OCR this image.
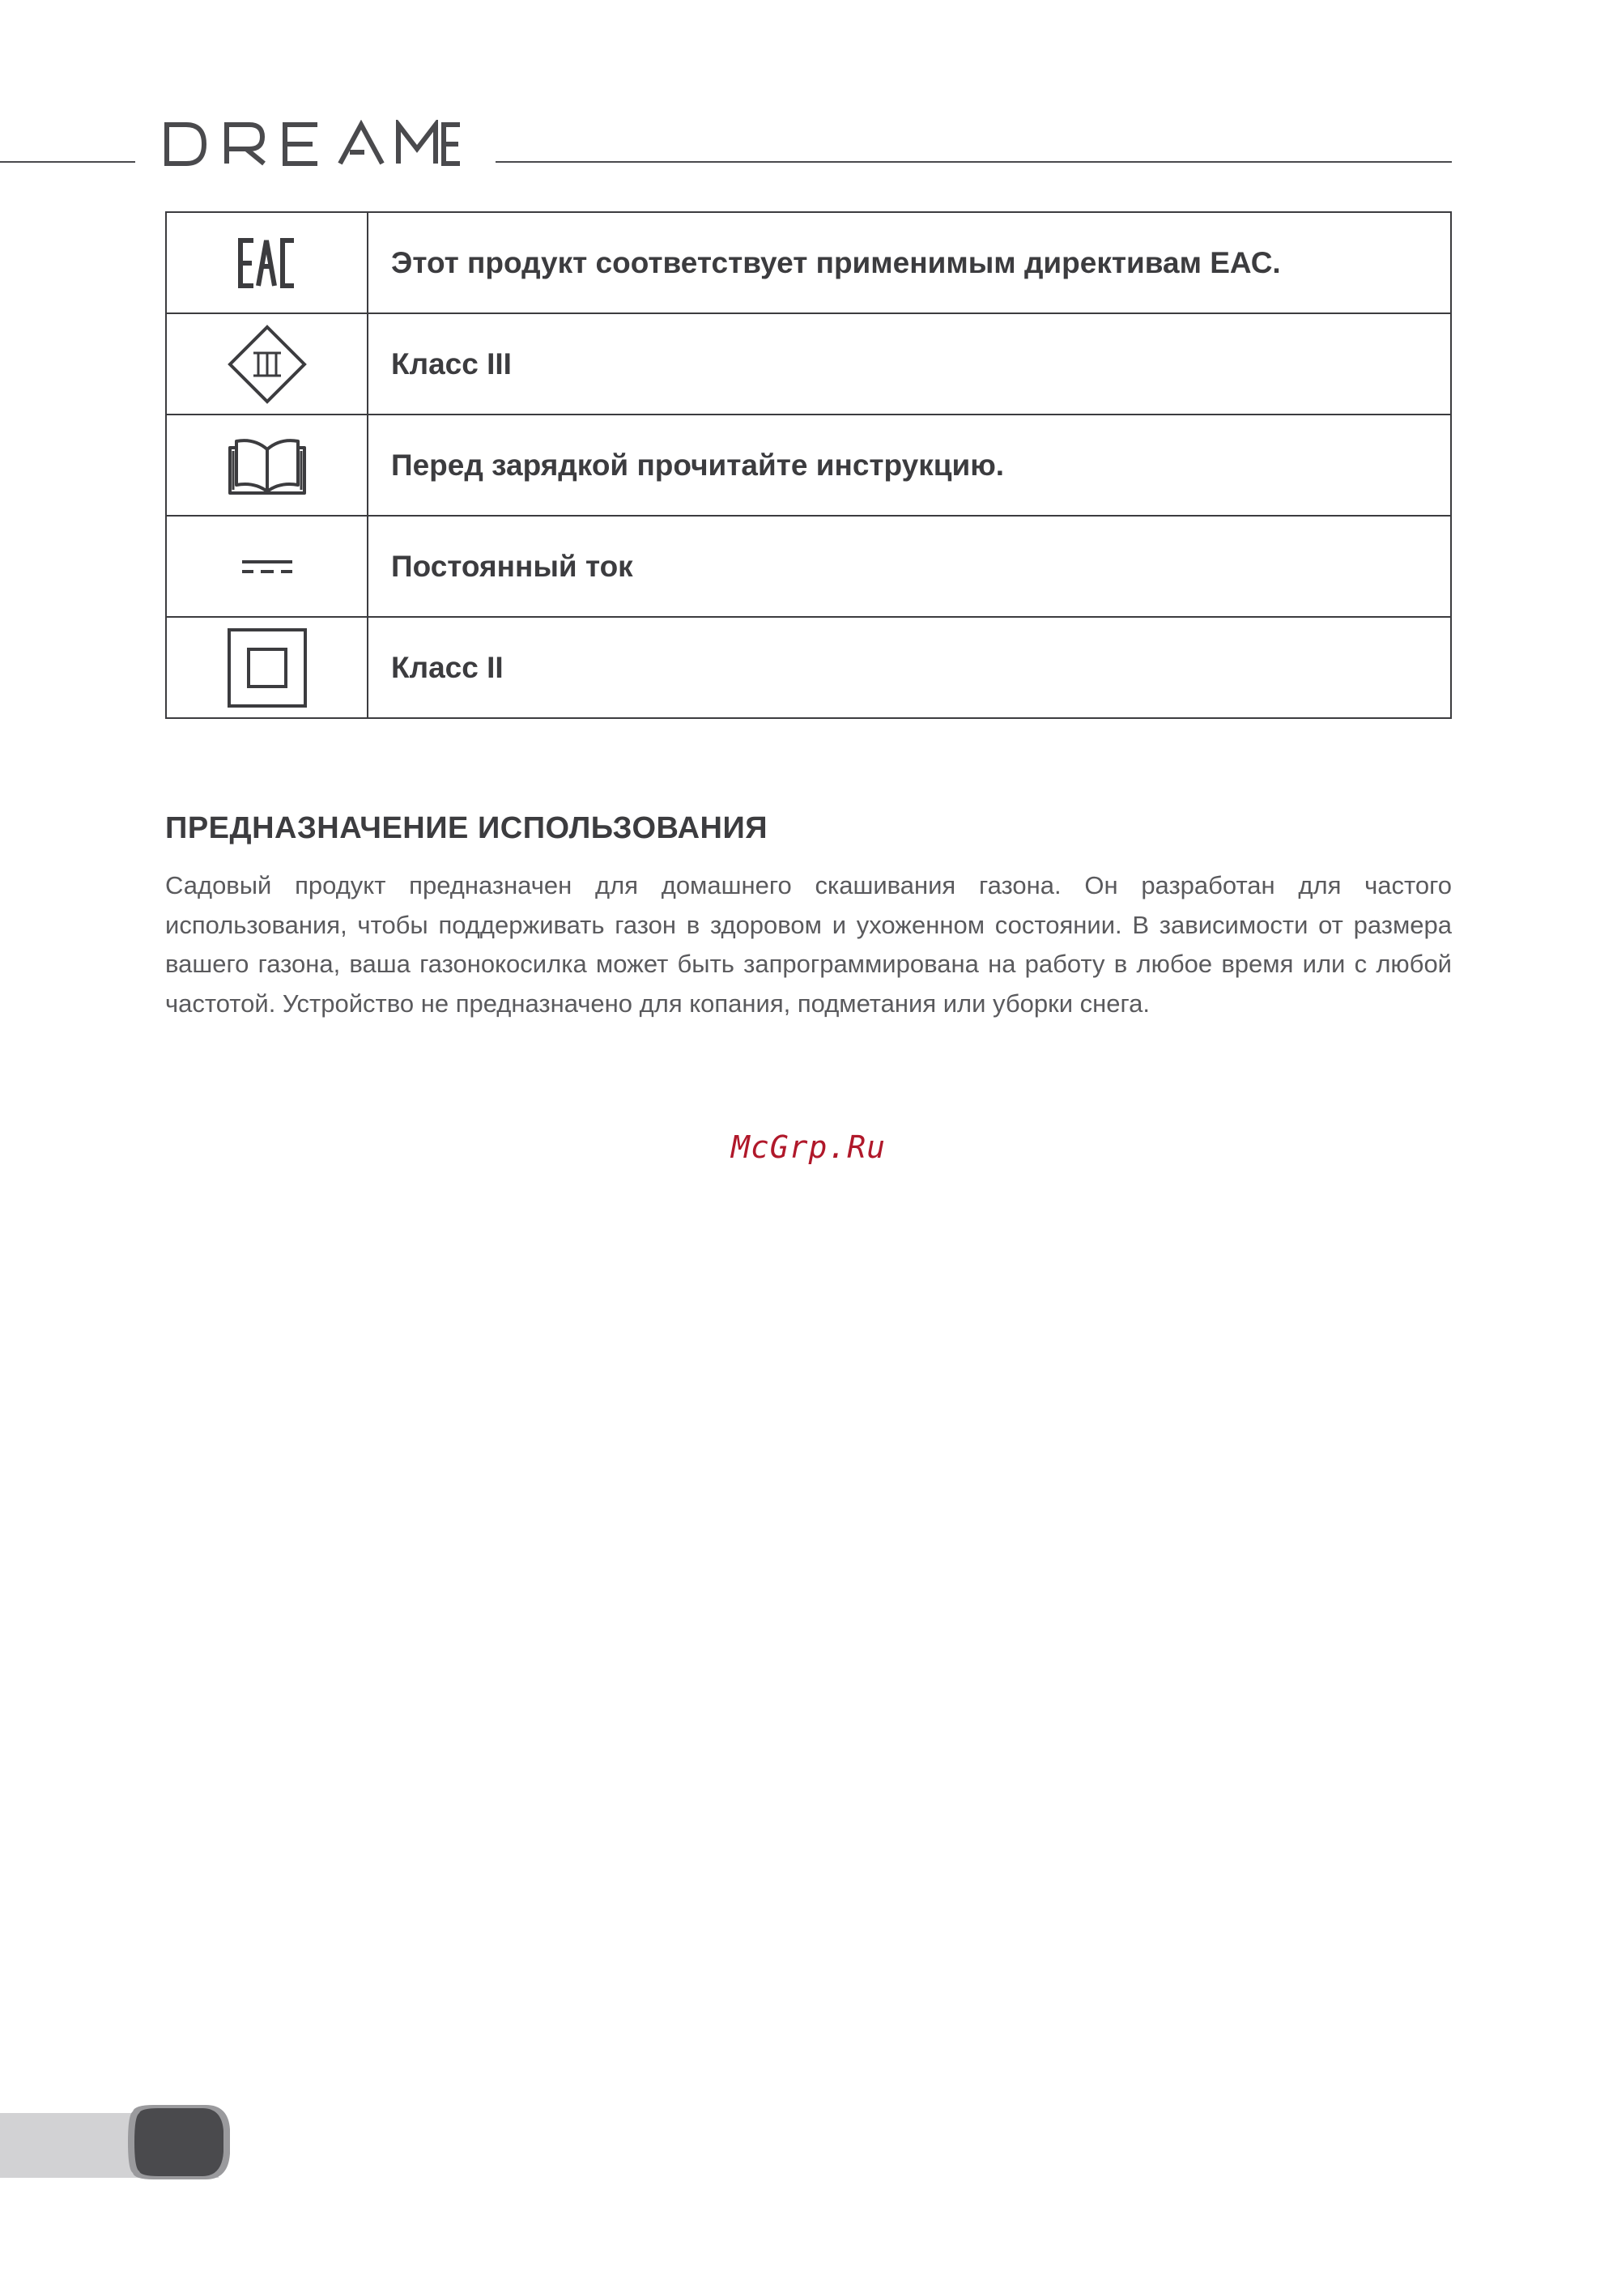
	Этот продукт соответствует применимым директивам ЕАС.
	Класс III
	Перед зарядкой прочитайте инструкцию.
	Постоянный ток
	Класс II
ПРЕДНАЗНАЧЕНИЕ ИСПОЛЬЗОВАНИЯ

Садовый продукт предназначен для домашнего скашивания газона. Он разработан для частого использования, чтобы поддерживать газон в здоровом и ухоженном состоянии. В зависимости от размера вашего газона, ваша газонокосилка может быть запрограммирована на работу в любое время или с любой частотой. Устройство не предназначено для копания, подметания или уборки снега.

McGrp.Ru
